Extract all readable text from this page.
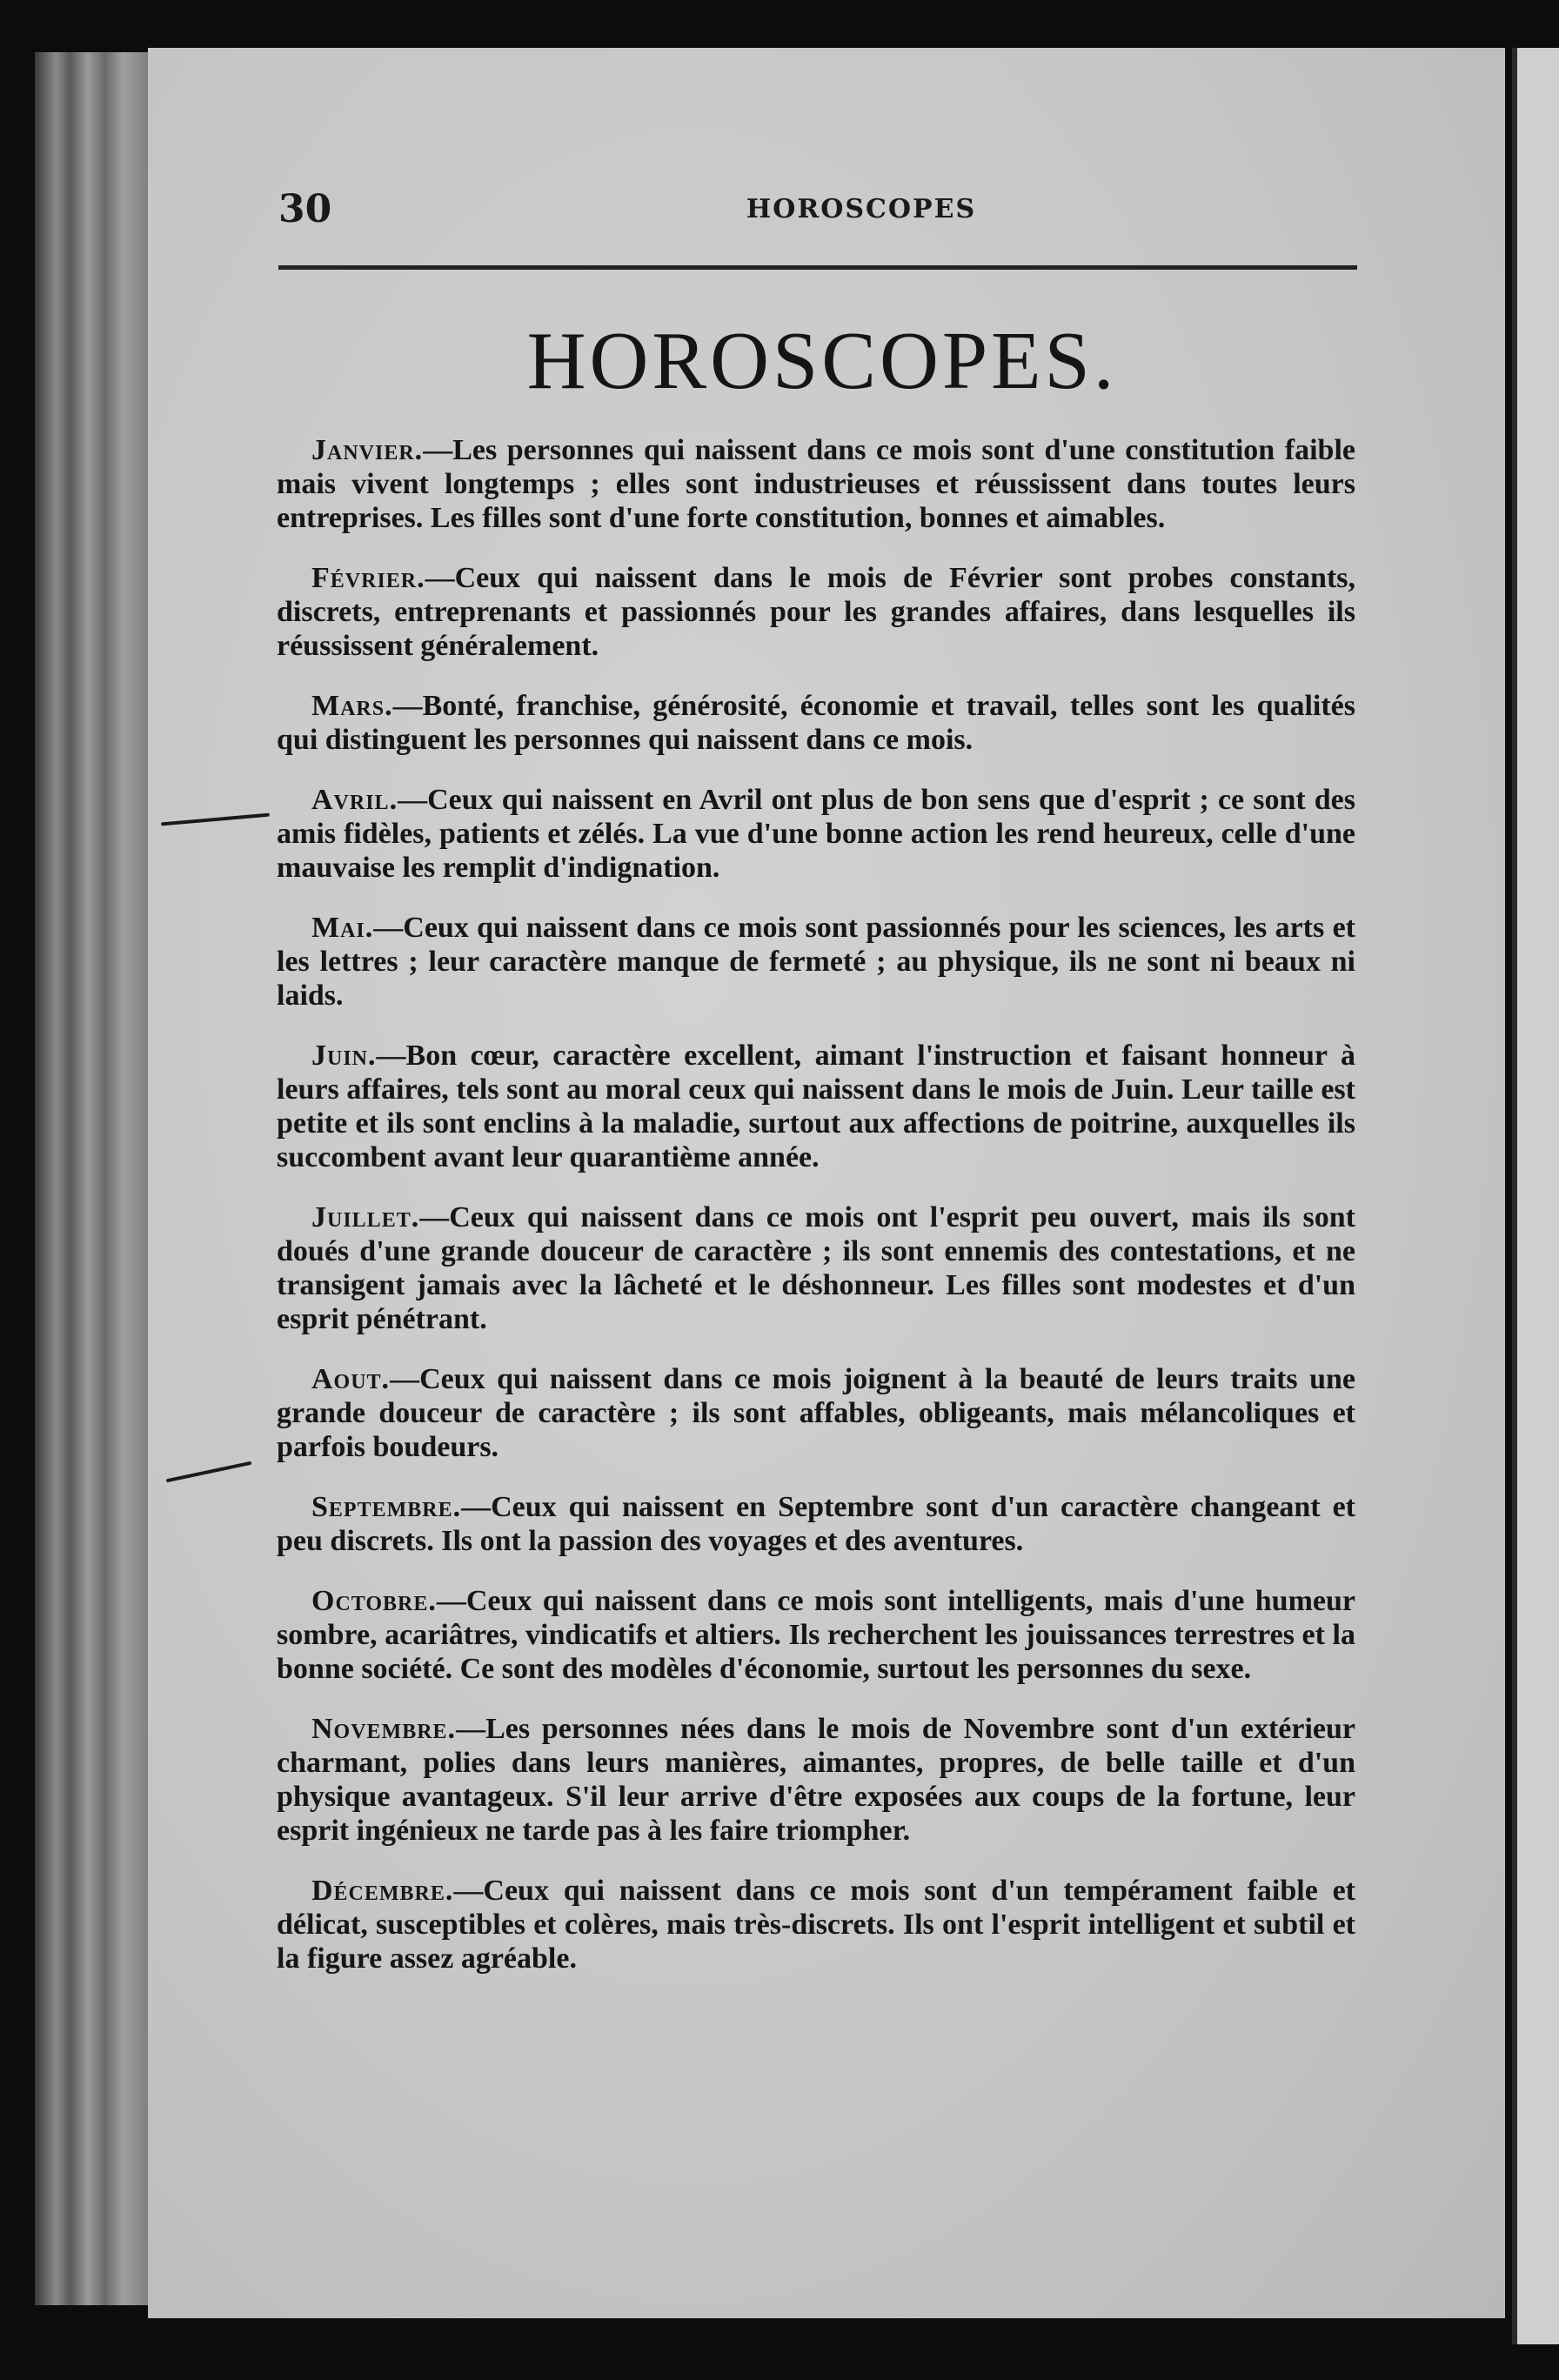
30	HOROSCOPES
HOROSCOPES.

Janvier.—Les personnes qui naissent dans ce mois sont d'une constitution faible mais vivent longtemps ; elles sont industrieuses et réussissent dans toutes leurs entreprises. Les filles sont d'une forte constitution, bonnes et aimables.

Février.—Ceux qui naissent dans le mois de Février sont probes constants, discrets, entreprenants et passionnés pour les grandes affaires, dans lesquelles ils réussissent généralement.

Mars.—Bonté, franchise, générosité, économie et travail, telles sont les qualités qui distinguent les personnes qui naissent dans ce mois.

Avril.—Ceux qui naissent en Avril ont plus de bon sens que d'esprit ; ce sont des amis fidèles, patients et zélés. La vue d'une bonne action les rend heureux, celle d'une mauvaise les remplit d'indignation.

Mai.—Ceux qui naissent dans ce mois sont passionnés pour les sciences, les arts et les lettres ; leur caractère manque de fermeté ; au physique, ils ne sont ni beaux ni laids.

Juin.—Bon cœur, caractère excellent, aimant l'instruction et faisant honneur à leurs affaires, tels sont au moral ceux qui naissent dans le mois de Juin. Leur taille est petite et ils sont enclins à la maladie, surtout aux affections de poitrine, auxquelles ils succombent avant leur quarantième année.

Juillet.—Ceux qui naissent dans ce mois ont l'esprit peu ouvert, mais ils sont doués d'une grande douceur de caractère ; ils sont ennemis des contestations, et ne transigent jamais avec la lâcheté et le déshonneur. Les filles sont modestes et d'un esprit pénétrant.

Aout.—Ceux qui naissent dans ce mois joignent à la beauté de leurs traits une grande douceur de caractère ; ils sont affables, obligeants, mais mélancoliques et parfois boudeurs.

Septembre.—Ceux qui naissent en Septembre sont d'un caractère changeant et peu discrets. Ils ont la passion des voyages et des aventures.

Octobre.—Ceux qui naissent dans ce mois sont intelligents, mais d'une humeur sombre, acariâtres, vindicatifs et altiers. Ils recherchent les jouissances terrestres et la bonne société. Ce sont des modèles d'économie, surtout les personnes du sexe.

Novembre.—Les personnes nées dans le mois de Novembre sont d'un extérieur charmant, polies dans leurs manières, aimantes, propres, de belle taille et d'un physique avantageux. S'il leur arrive d'être exposées aux coups de la fortune, leur esprit ingénieux ne tarde pas à les faire triompher.

Décembre.—Ceux qui naissent dans ce mois sont d'un tempérament faible et délicat, susceptibles et colères, mais très-discrets. Ils ont l'esprit intelligent et subtil et la figure assez agréable.
